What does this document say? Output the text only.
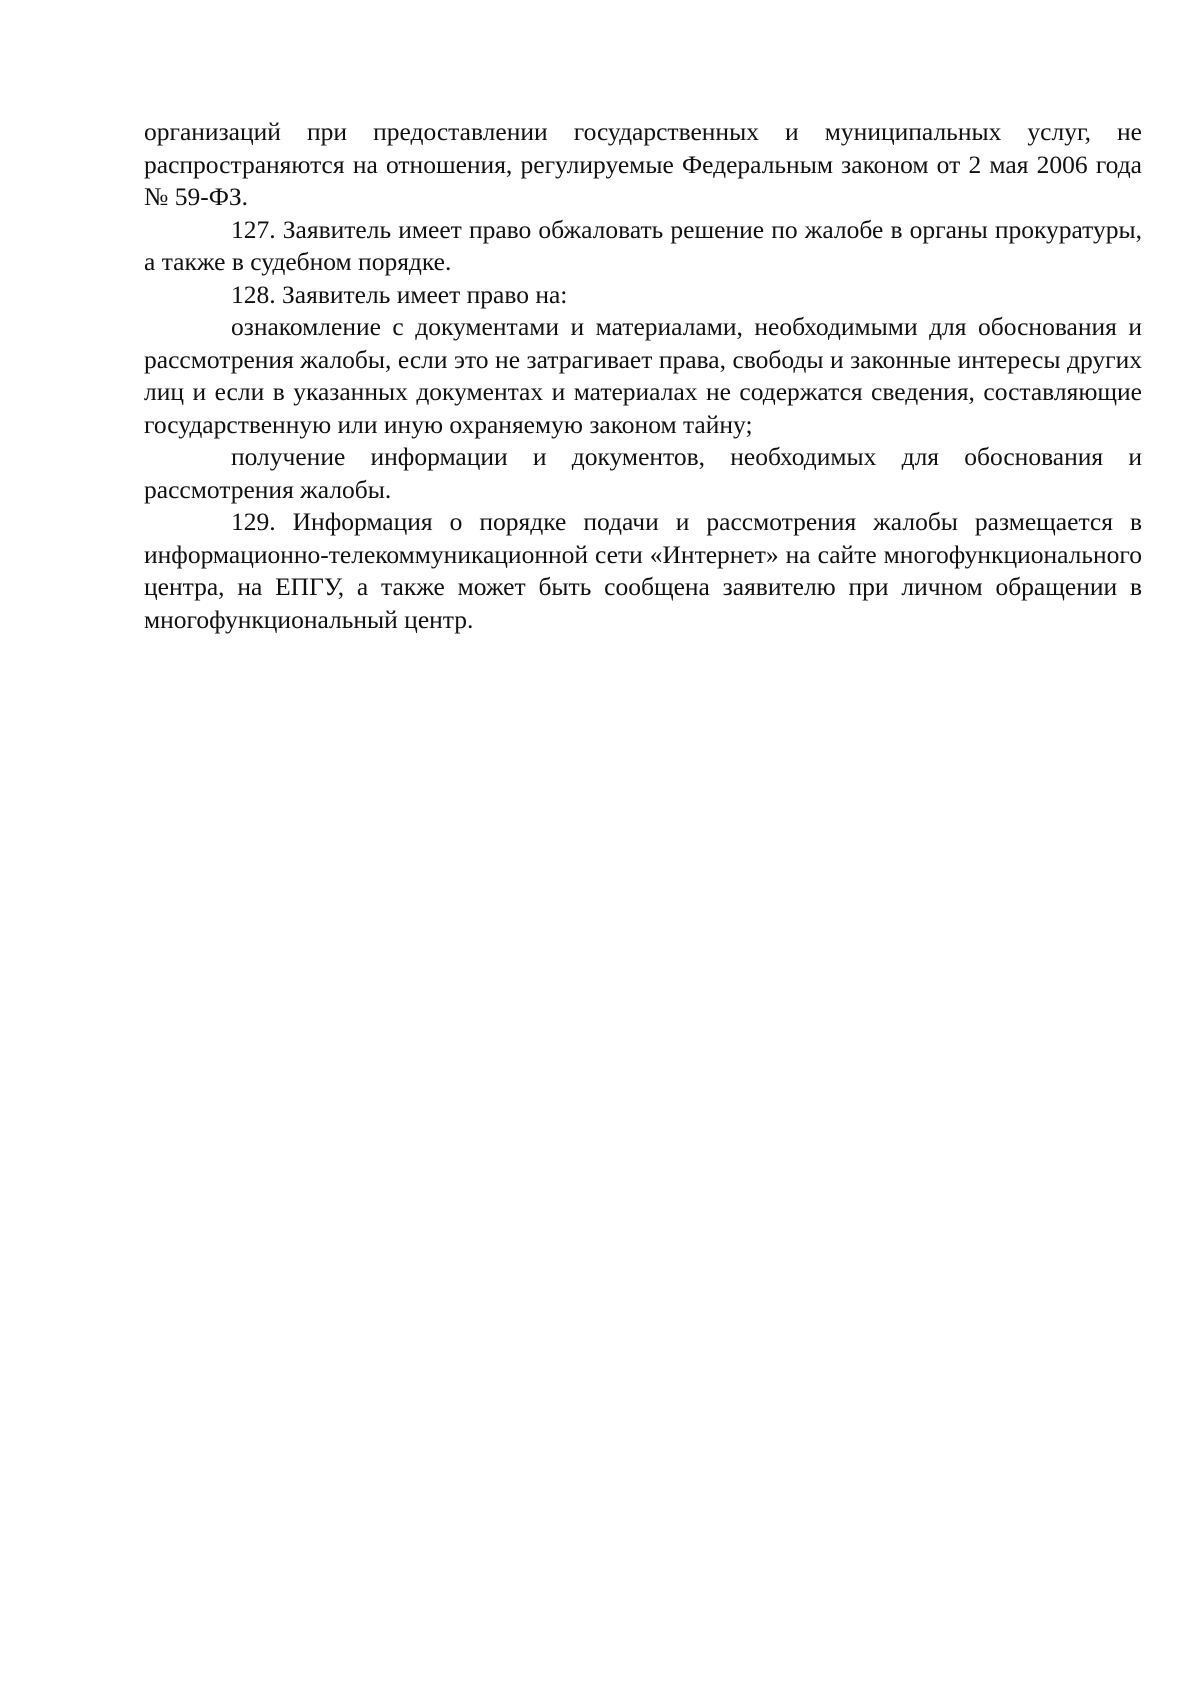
организаций при предоставлении государственных и муниципальных услуг, не распространяются на отношения, регулируемые Федеральным законом от 2 мая 2006 года № 59-ФЗ.

127. Заявитель имеет право обжаловать решение по жалобе в органы прокуратуры, а также в судебном порядке.

128. Заявитель имеет право на:

ознакомление с документами и материалами, необходимыми для обоснования и рассмотрения жалобы, если это не затрагивает права, свободы и законные интересы других лиц и если в указанных документах и материалах не содержатся сведения, составляющие государственную или иную охраняемую законом тайну;

получение информации и документов, необходимых для обоснования и рассмотрения жалобы.

129. Информация о порядке подачи и рассмотрения жалобы размещается в информационно-телекоммуникационной сети «Интернет» на сайте многофункционального центра, на ЕПГУ, а также может быть сообщена заявителю при личном обращении в многофункциональный центр.
